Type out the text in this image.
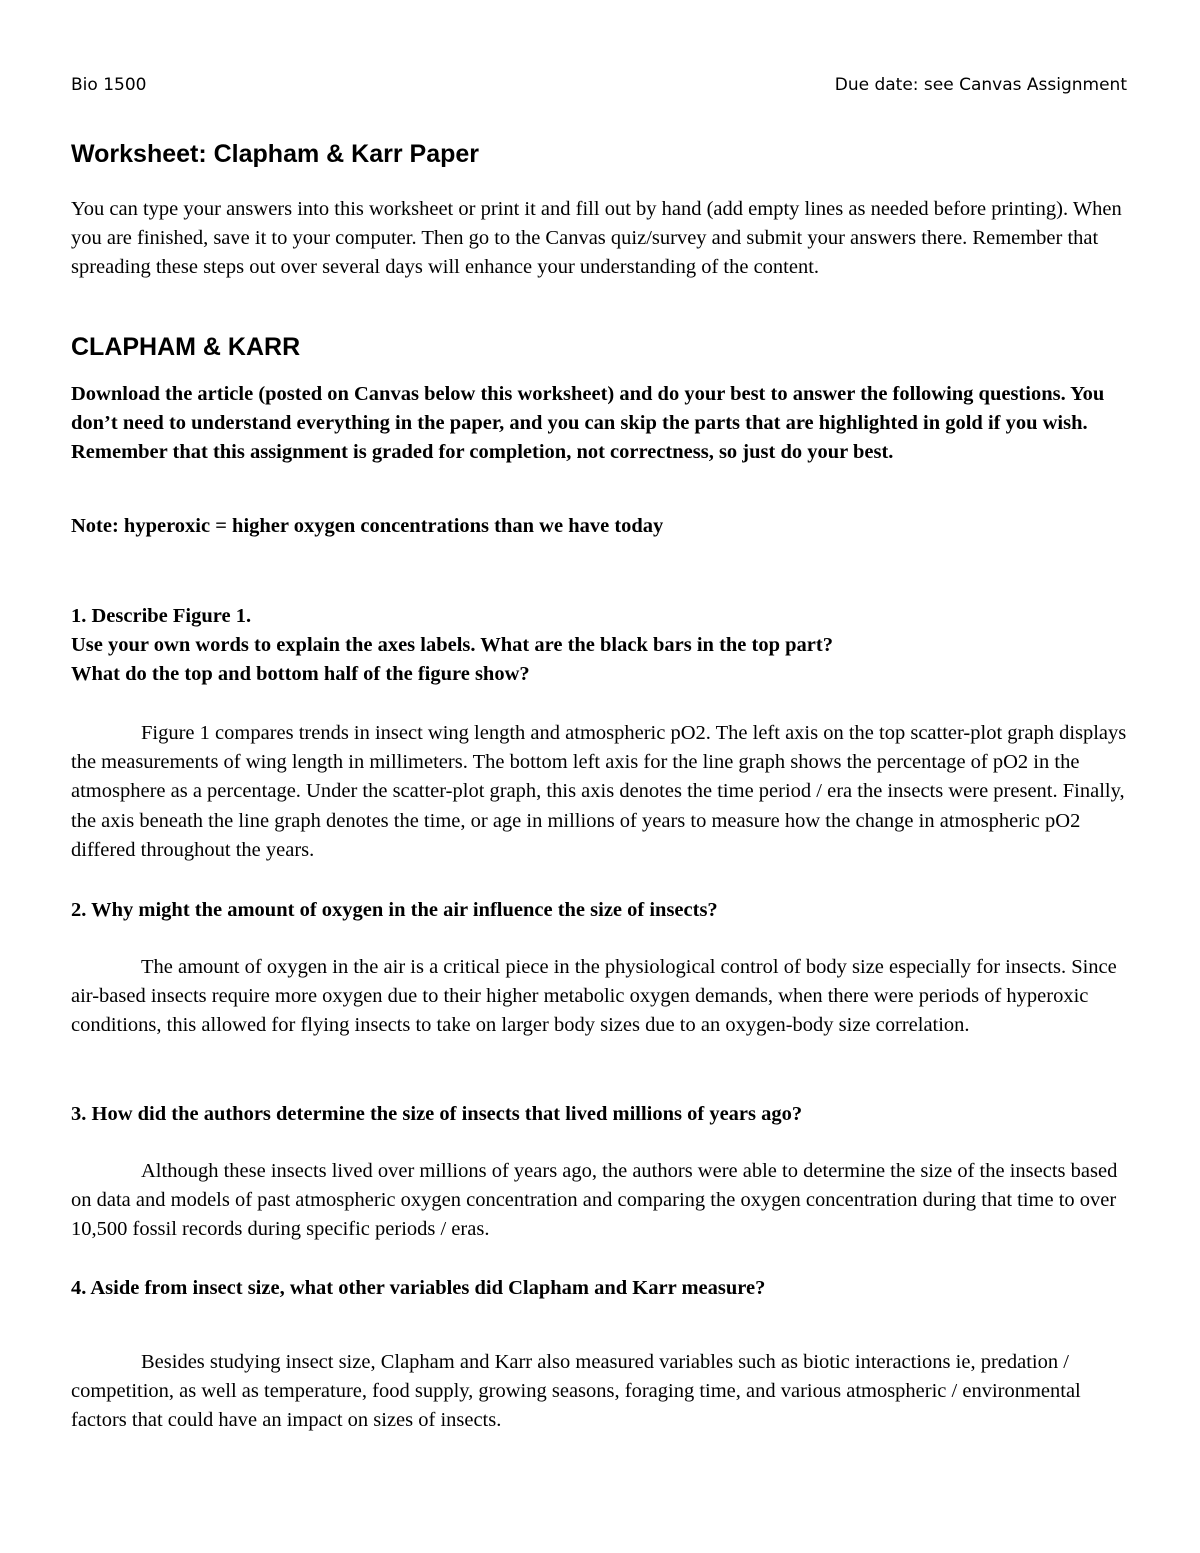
Bio 1500	Due date: see Canvas Assignment
Worksheet: Clapham & Karr Paper

You can type your answers into this worksheet or print it and fill out by hand (add empty lines as needed before printing). When you are finished, save it to your computer. Then go to the Canvas quiz/survey and submit your answers there. Remember that spreading these steps out over several days will enhance your understanding of the content.

CLAPHAM & KARR

Download the article (posted on Canvas below this worksheet) and do your best to answer the following questions. You don’t need to understand everything in the paper, and you can skip the parts that are highlighted in gold if you wish. Remember that this assignment is graded for completion, not correctness, so just do your best.

Note: hyperoxic = higher oxygen concentrations than we have today

1. Describe Figure 1.
Use your own words to explain the axes labels. What are the black bars in the top part?
What do the top and bottom half of the figure show?

Figure 1 compares trends in insect wing length and atmospheric pO2. The left axis on the top scatter-plot graph displays the measurements of wing length in millimeters. The bottom left axis for the line graph shows the percentage of pO2 in the atmosphere as a percentage. Under the scatter-plot graph, this axis denotes the time period / era the insects were present. Finally, the axis beneath the line graph denotes the time, or age in millions of years to measure how the change in atmospheric pO2 differed throughout the years.

2. Why might the amount of oxygen in the air influence the size of insects?

The amount of oxygen in the air is a critical piece in the physiological control of body size especially for insects. Since air-based insects require more oxygen due to their higher metabolic oxygen demands, when there were periods of hyperoxic conditions, this allowed for flying insects to take on larger body sizes due to an oxygen-body size correlation.

3. How did the authors determine the size of insects that lived millions of years ago?

Although these insects lived over millions of years ago, the authors were able to determine the size of the insects based on data and models of past atmospheric oxygen concentration and comparing the oxygen concentration during that time to over 10,500 fossil records during specific periods / eras.

4. Aside from insect size, what other variables did Clapham and Karr measure?

Besides studying insect size, Clapham and Karr also measured variables such as biotic interactions ie, predation / competition, as well as temperature, food supply, growing seasons, foraging time, and various atmospheric / environmental factors that could have an impact on sizes of insects.
